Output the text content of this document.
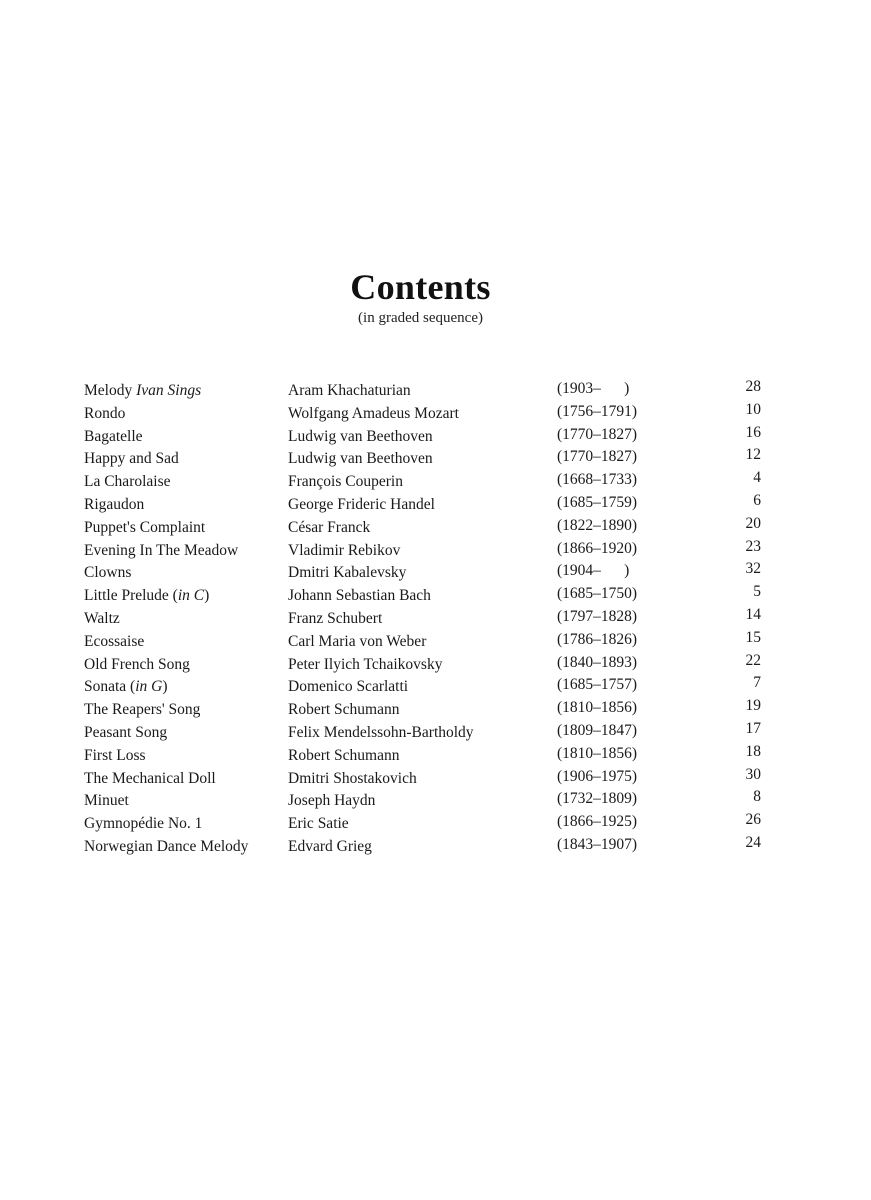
Contents
(in graded sequence)
Melody Ivan Sings	Aram Khachaturian	(1903–      )	28
Rondo	Wolfgang Amadeus Mozart	(1756–1791)	10
Bagatelle	Ludwig van Beethoven	(1770–1827)	16
Happy and Sad	Ludwig van Beethoven	(1770–1827)	12
La Charolaise	François Couperin	(1668–1733)	4
Rigaudon	George Frideric Handel	(1685–1759)	6
Puppet's Complaint	César Franck	(1822–1890)	20
Evening In The Meadow	Vladimir Rebikov	(1866–1920)	23
Clowns	Dmitri Kabalevsky	(1904–      )	32
Little Prelude (in C)	Johann Sebastian Bach	(1685–1750)	5
Waltz	Franz Schubert	(1797–1828)	14
Ecossaise	Carl Maria von Weber	(1786–1826)	15
Old French Song	Peter Ilyich Tchaikovsky	(1840–1893)	22
Sonata (in G)	Domenico Scarlatti	(1685–1757)	7
The Reapers' Song	Robert Schumann	(1810–1856)	19
Peasant Song	Felix Mendelssohn-Bartholdy	(1809–1847)	17
First Loss	Robert Schumann	(1810–1856)	18
The Mechanical Doll	Dmitri Shostakovich	(1906–1975)	30
Minuet	Joseph Haydn	(1732–1809)	8
Gymnopédie No. 1	Eric Satie	(1866–1925)	26
Norwegian Dance Melody	Edvard Grieg	(1843–1907)	24
